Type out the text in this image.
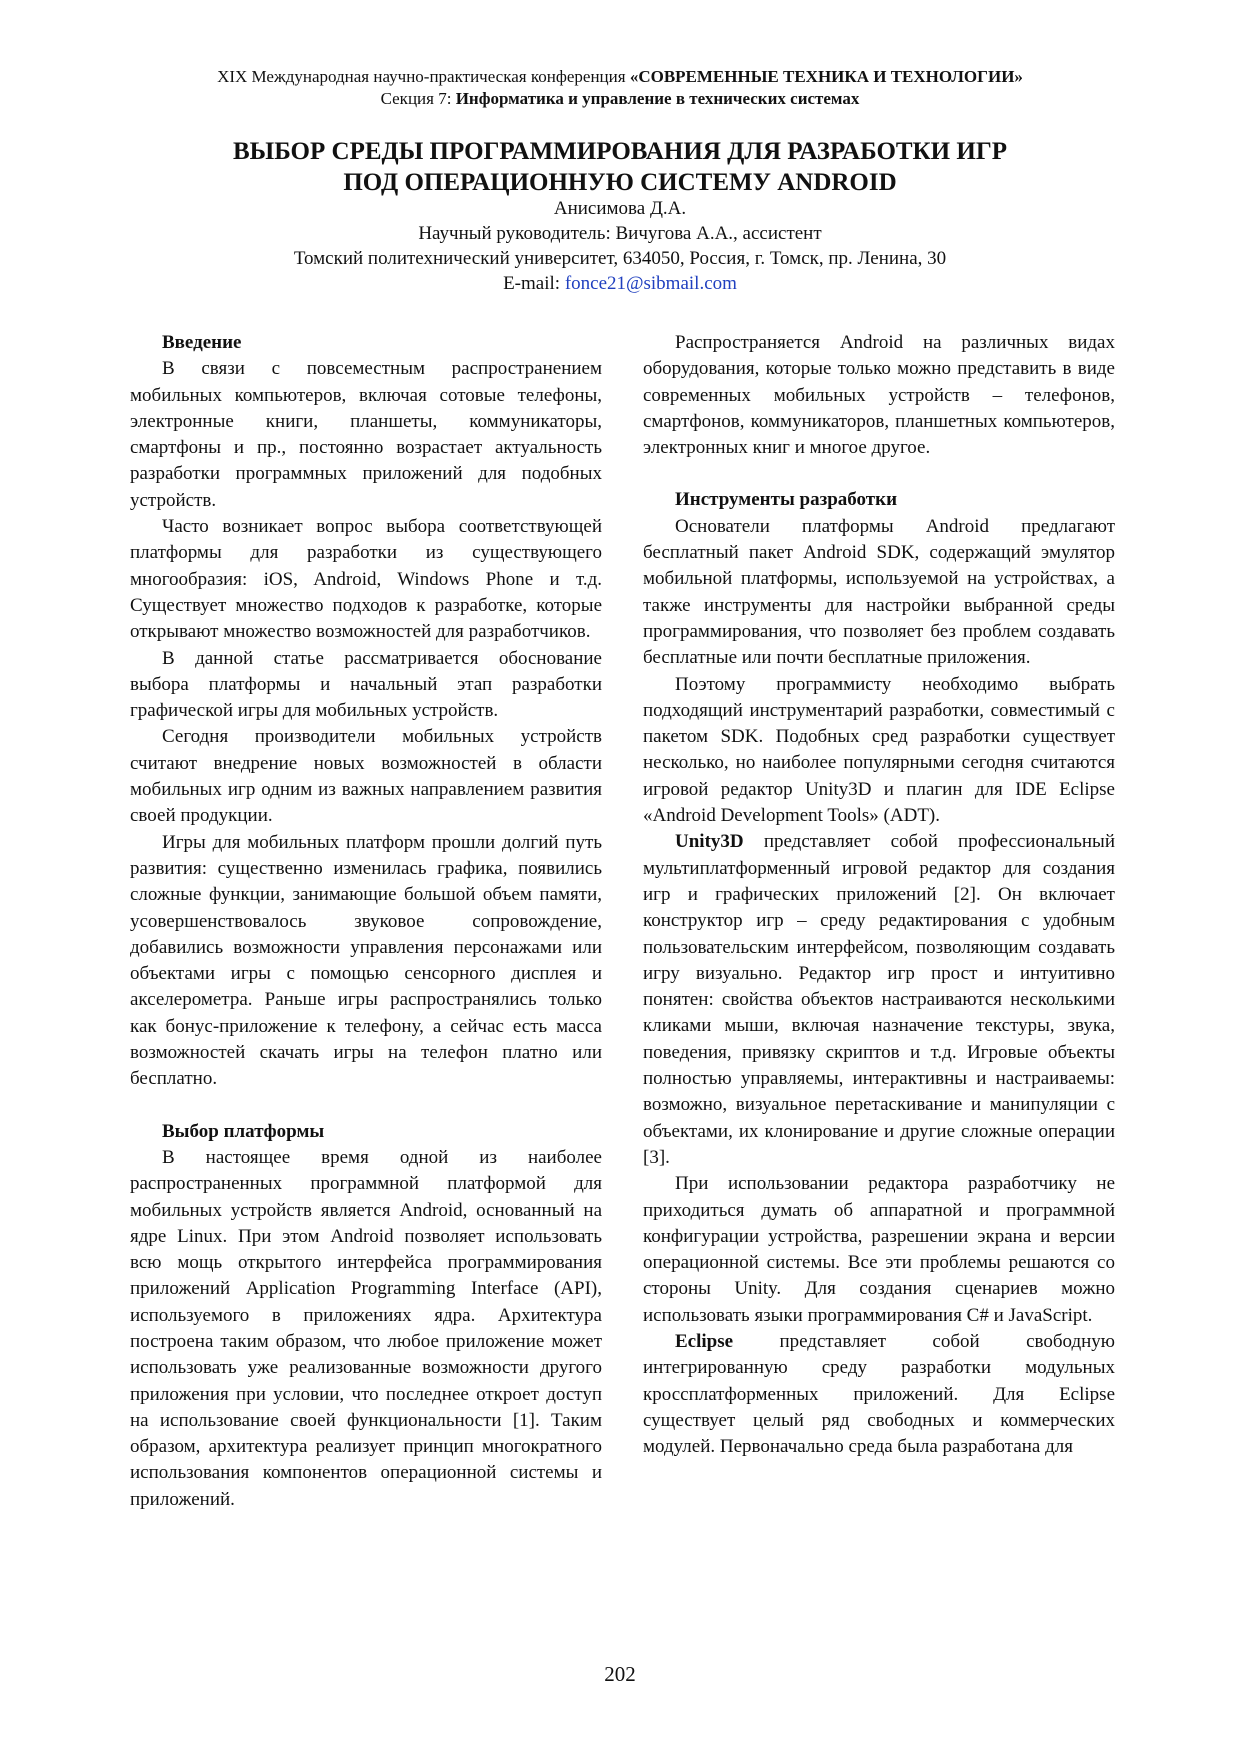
XIX Международная научно-практическая конференция «СОВРЕМЕННЫЕ ТЕХНИКА И ТЕХНОЛОГИИ»
Секция 7: Информатика и управление в технических системах
ВЫБОР СРЕДЫ ПРОГРАММИРОВАНИЯ ДЛЯ РАЗРАБОТКИ ИГР
ПОД ОПЕРАЦИОННУЮ СИСТЕМУ ANDROID
Анисимова Д.А.
Научный руководитель: Вичугова А.А., ассистент
Томский политехнический университет, 634050, Россия, г. Томск, пр. Ленина, 30
E-mail: fonce21@sibmail.com
Введение

В связи с повсеместным распространением мобильных компьютеров, включая сотовые телефоны, электронные книги, планшеты, коммуникаторы, смартфоны и пр., постоянно возрастает актуальность разработки программных приложений для подобных устройств.

Часто возникает вопрос выбора соответствующей платформы для разработки из существующего многообразия: iOS, Android, Windows Phone и т.д. Существует множество подходов к разработке, которые открывают множество возможностей для разработчиков.

В данной статье рассматривается обоснование выбора платформы и начальный этап разработки графической игры для мобильных устройств.

Сегодня производители мобильных устройств считают внедрение новых возможностей в области мобильных игр одним из важных направлением развития своей продукции.

Игры для мобильных платформ прошли долгий путь развития: существенно изменилась графика, появились сложные функции, занимающие большой объем памяти, усовершенствовалось звуковое сопровождение, добавились возможности управления персонажами или объектами игры с помощью сенсорного дисплея и акселерометра. Раньше игры распространялись только как бонус-приложение к телефону, а сейчас есть масса возможностей скачать игры на телефон платно или бесплатно.

Выбор платформы

В настоящее время одной из наиболее распространенных программной платформой для мобильных устройств является Android, основанный на ядре Linux. При этом Android позволяет использовать всю мощь открытого интерфейса программирования приложений Application Programming Interface (API), используемого в приложениях ядра. Архитектура построена таким образом, что любое приложение может использовать уже реализованные возможности другого приложения при условии, что последнее откроет доступ на использование своей функциональности [1]. Таким образом, архитектура реализует принцип многократного использования компонентов операционной системы и приложений.

Распространяется Android на различных видах оборудования, которые только можно представить в виде современных мобильных устройств – телефонов, смартфонов, коммуникаторов, планшетных компьютеров, электронных книг и многое другое.

Инструменты разработки

Основатели платформы Android предлагают бесплатный пакет Android SDK, содержащий эмулятор мобильной платформы, используемой на устройствах, а также инструменты для настройки выбранной среды программирования, что позволяет без проблем создавать бесплатные или почти бесплатные приложения.

Поэтому программисту необходимо выбрать подходящий инструментарий разработки, совместимый с пакетом SDK. Подобных сред разработки существует несколько, но наиболее популярными сегодня считаются игровой редактор Unity3D и плагин для IDE Eclipse «Android Development Tools» (ADT).

Unity3D представляет собой профессиональный мультиплатформенный игровой редактор для создания игр и графических приложений [2]. Он включает конструктор игр – среду редактирования с удобным пользовательским интерфейсом, позволяющим создавать игру визуально. Редактор игр прост и интуитивно понятен: свойства объектов настраиваются несколькими кликами мыши, включая назначение текстуры, звука, поведения, привязку скриптов и т.д. Игровые объекты полностью управляемы, интерактивны и настраиваемы: возможно, визуальное перетаскивание и манипуляции с объектами, их клонирование и другие сложные операции [3].

При использовании редактора разработчику не приходиться думать об аппаратной и программной конфигурации устройства, разрешении экрана и версии операционной системы. Все эти проблемы решаются со стороны Unity. Для создания сценариев можно использовать языки программирования C# и JavaScript.

Eclipse представляет собой свободную интегрированную среду разработки модульных кроссплатформенных приложений. Для Eclipse существует целый ряд свободных и коммерческих модулей. Первоначально среда была разработана для

202
